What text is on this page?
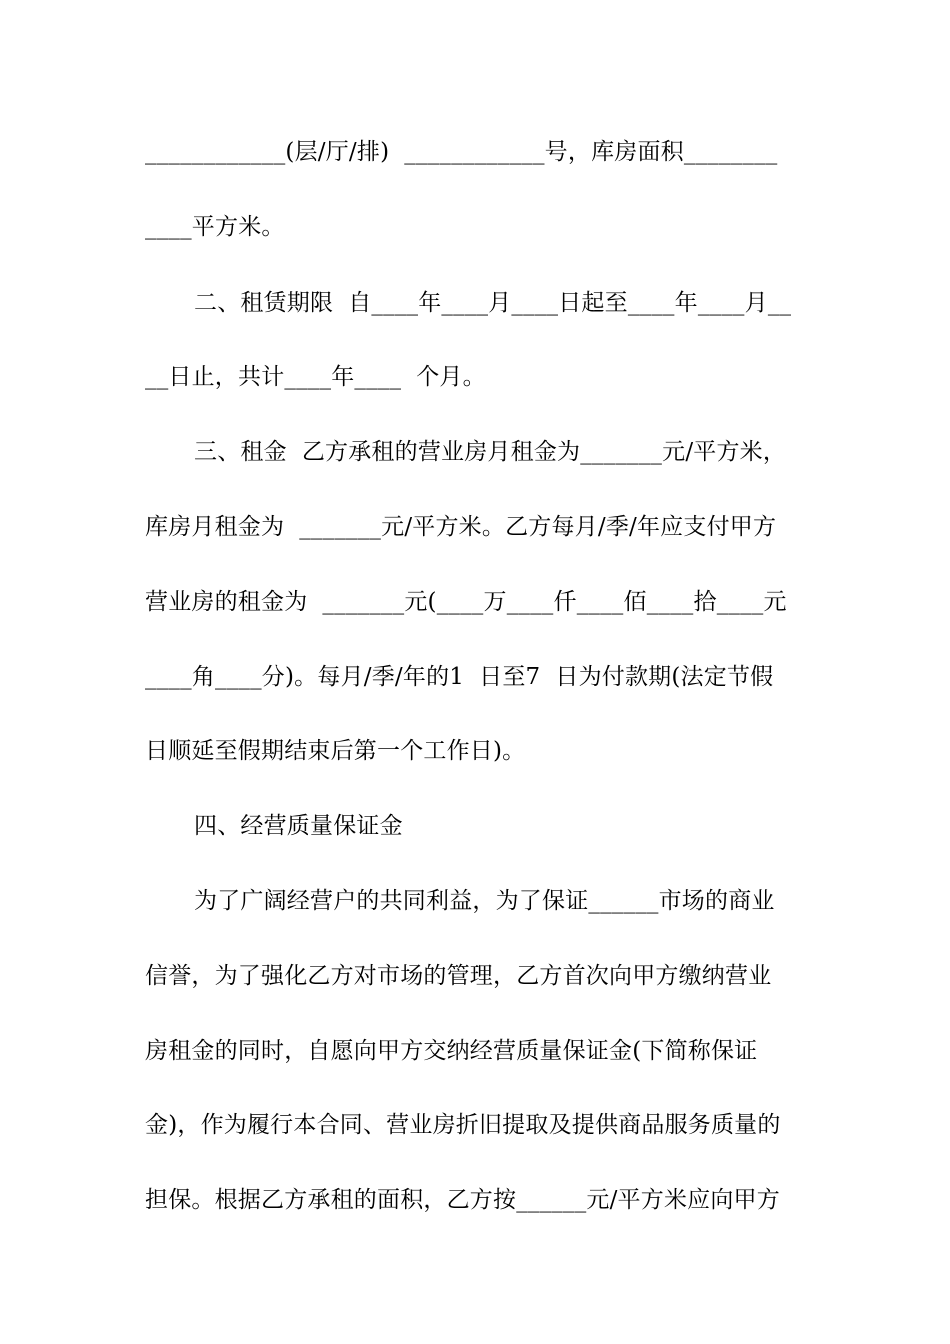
____________(层/厅/排)  ____________号，库房面积________
____平方米。
二、租赁期限  自____年____月____日起至____年____月__
__日止，共计____年____  个月。
三、租金  乙方承租的营业房月租金为_______元/平方米，
库房月租金为  _______元/平方米。乙方每月/季/年应支付甲方
营业房的租金为  _______元(____万____仟____佰____拾____元
____角____分)。每月/季/年的1  日至7  日为付款期(法定节假
日顺延至假期结束后第一个工作日)。
四、经营质量保证金
为了广阔经营户的共同利益，为了保证______市场的商业
信誉，为了强化乙方对市场的管理，乙方首次向甲方缴纳营业
房租金的同时，自愿向甲方交纳经营质量保证金(下简称保证
金)，作为履行本合同、营业房折旧提取及提供商品服务质量的
担保。根据乙方承租的面积，乙方按______元/平方米应向甲方
